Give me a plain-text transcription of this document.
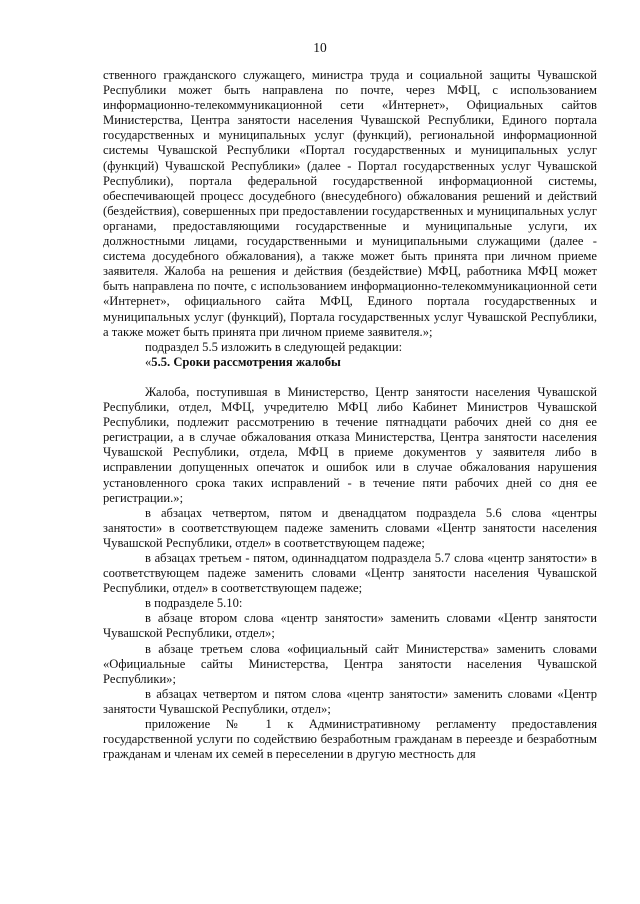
10

ственного гражданского служащего, министра труда и социальной защиты Чувашской Республики может быть направлена по почте, через МФЦ, с использованием информационно-телекоммуникационной сети «Интернет», Официальных сайтов Министерства, Центра занятости населения Чувашской Республики, Единого портала государственных и муниципальных услуг (функций), региональной информационной системы Чувашской Республики «Портал государственных и муниципальных услуг (функций) Чувашской Республики» (далее - Портал государственных услуг Чувашской Республики), портала федеральной государственной информационной системы, обеспечивающей процесс досудебного (внесудебного) обжалования решений и действий (бездействия), совершенных при предоставлении государственных и муниципальных услуг органами, предоставляющими государственные и муниципальные услуги, их должностными лицами, государственными и муниципальными служащими (далее - система досудебного обжалования), а также может быть принята при личном приеме заявителя. Жалоба на решения и действия (бездействие) МФЦ, работника МФЦ может быть направлена по почте, с использованием информационно-телекоммуникационной сети «Интернет», официального сайта МФЦ, Единого портала государственных и муниципальных услуг (функций), Портала государственных услуг Чувашской Республики, а также может быть принята при личном приеме заявителя.»;

подраздел 5.5 изложить в следующей редакции:

«5.5. Сроки рассмотрения жалобы

Жалоба, поступившая в Министерство, Центр занятости населения Чувашской Республики, отдел, МФЦ, учредителю МФЦ либо Кабинет Министров Чувашской Республики, подлежит рассмотрению в течение пятнадцати рабочих дней со дня ее регистрации, а в случае обжалования отказа Министерства, Центра занятости населения Чувашской Республики, отдела, МФЦ в приеме документов у заявителя либо в исправлении допущенных опечаток и ошибок или в случае обжалования нарушения установленного срока таких исправлений - в течение пяти рабочих дней со дня ее регистрации.»;

в абзацах четвертом, пятом и двенадцатом подраздела 5.6 слова «центры занятости» в соответствующем падеже заменить словами «Центр занятости населения Чувашской Республики, отдел» в соответствующем падеже;

в абзацах третьем - пятом, одиннадцатом подраздела 5.7 слова «центр занятости» в соответствующем падеже заменить словами «Центр занятости населения Чувашской Республики, отдел» в соответствующем падеже;

в подразделе 5.10:

в абзаце втором слова «центр занятости» заменить словами «Центр занятости Чувашской Республики, отдел»;

в абзаце третьем слова «официальный сайт Министерства» заменить словами «Официальные сайты Министерства, Центра занятости населения Чувашской Республики»;

в абзацах четвертом и пятом слова «центр занятости» заменить словами «Центр занятости Чувашской Республики, отдел»;

приложение № 1 к Административному регламенту предоставления государственной услуги по содействию безработным гражданам в переезде и безработным гражданам и членам их семей в переселении в другую местность для
